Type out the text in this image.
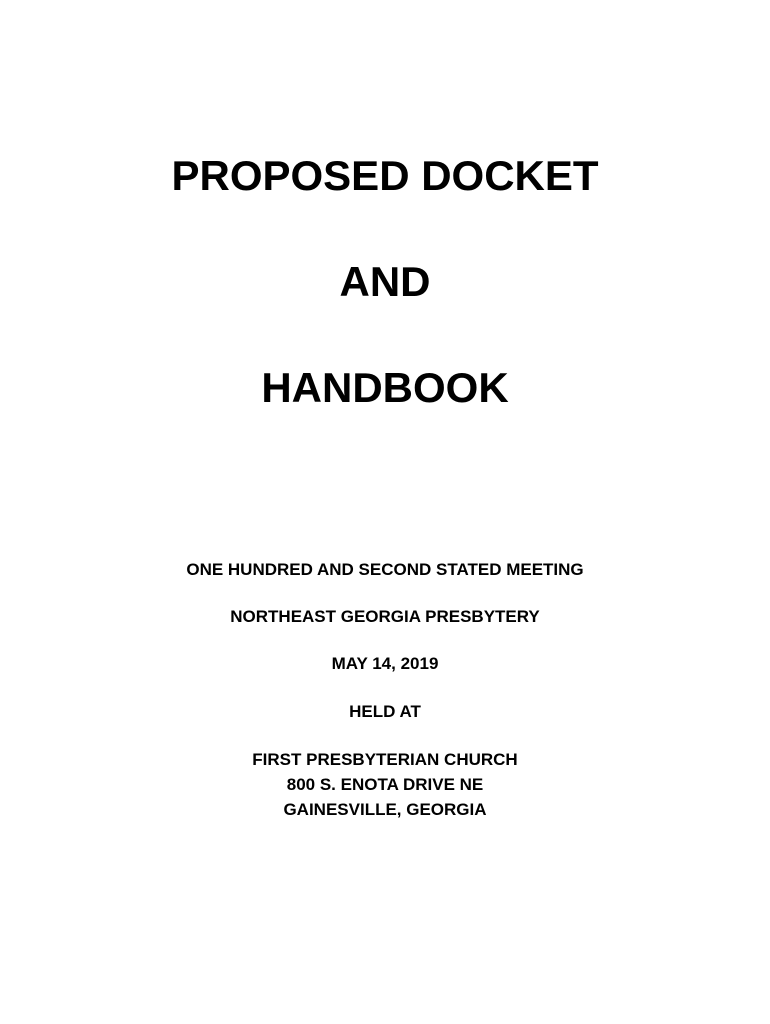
PROPOSED DOCKET
AND
HANDBOOK

ONE HUNDRED AND SECOND STATED MEETING

NORTHEAST GEORGIA PRESBYTERY

MAY 14, 2019

HELD AT

FIRST PRESBYTERIAN CHURCH

800 S. ENOTA DRIVE NE

GAINESVILLE, GEORGIA
